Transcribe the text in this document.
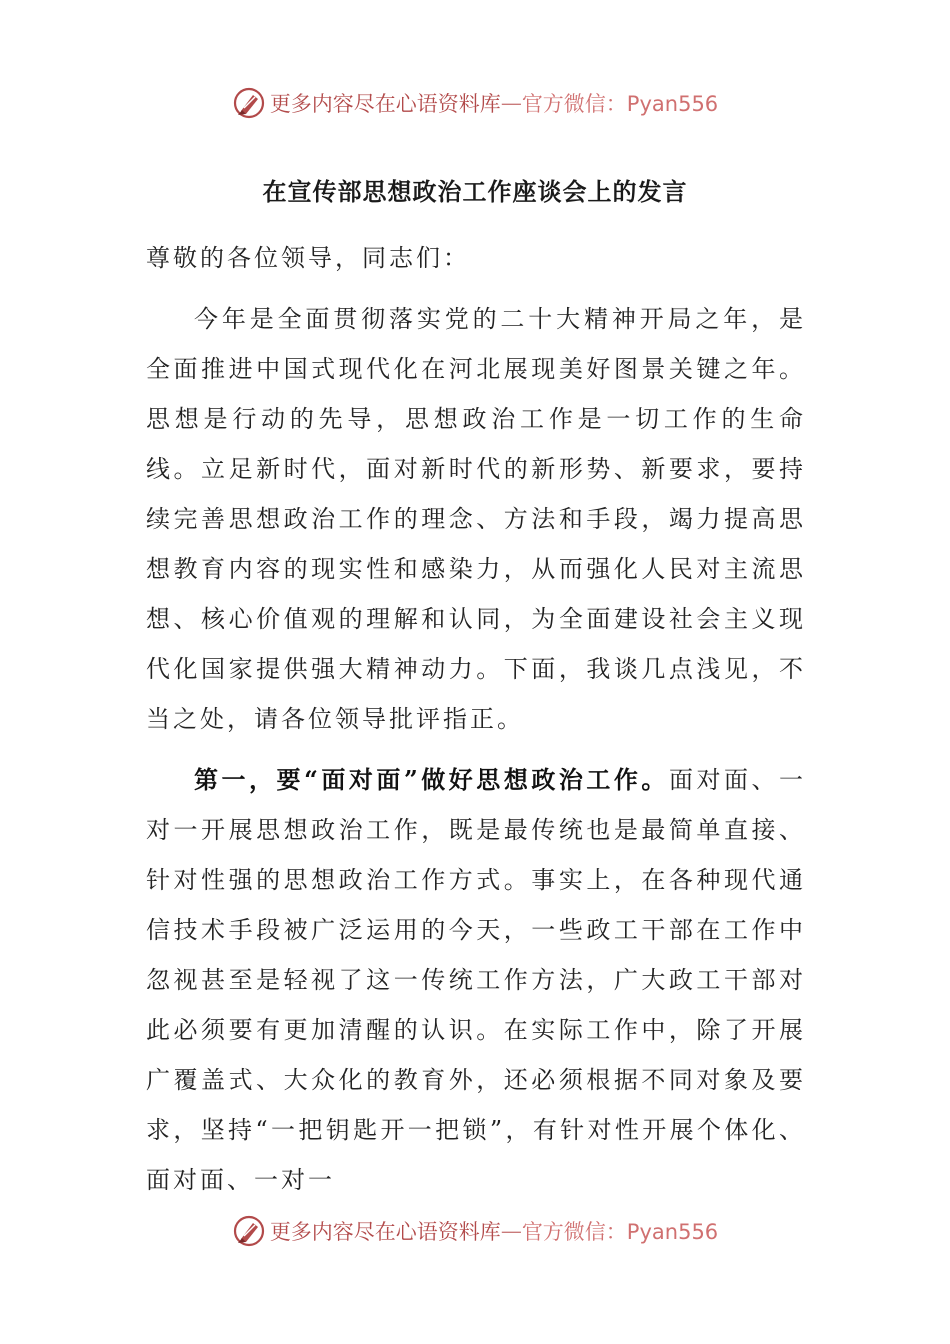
更多内容尽在心语资料库 — 官方微信：Pyan556
在宣传部思想政治工作座谈会上的发言

尊敬的各位领导，同志们：

今年是全面贯彻落实党的二十大精神开局之年，是全面推进中国式现代化在河北展现美好图景关键之年。思想是行动的先导，思想政治工作是一切工作的生命线。立足新时代，面对新时代的新形势、新要求，要持续完善思想政治工作的理念、方法和手段，竭力提高思想教育内容的现实性和感染力，从而强化人民对主流思想、核心价值观的理解和认同，为全面建设社会主义现代化国家提供强大精神动力。下面，我谈几点浅见，不当之处，请各位领导批评指正。

第一，要“面对面”做好思想政治工作。面对面、一对一开展思想政治工作，既是最传统也是最简单直接、针对性强的思想政治工作方式。事实上，在各种现代通信技术手段被广泛运用的今天，一些政工干部在工作中忽视甚至是轻视了这一传统工作方法，广大政工干部对此必须要有更加清醒的认识。在实际工作中，除了开展广覆盖式、大众化的教育外，还必须根据不同对象及要求，坚持“一把钥匙开一把锁”，有针对性开展个体化、面对面、一对一

更多内容尽在心语资料库 — 官方微信：Pyan556
